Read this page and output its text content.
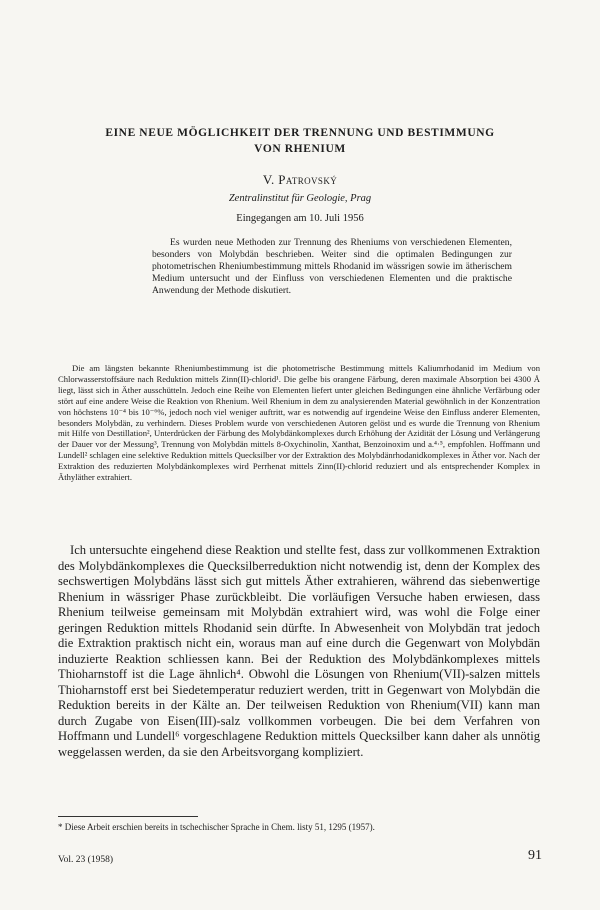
EINE NEUE MÖGLICHKEIT DER TRENNUNG UND BESTIMMUNG
VON RHENIUM
V. Patrovský
Zentralinstitut für Geologie, Prag
Eingegangen am 10. Juli 1956

Es wurden neue Methoden zur Trennung des Rheniums von verschiedenen Elementen, besonders von Molybdän beschrieben. Weiter sind die optimalen Bedingungen zur photometrischen Rheniumbestimmung mittels Rhodanid im wässrigen sowie im ätherischem Medium untersucht und der Einfluss von verschiedenen Elementen und die praktische Anwendung der Methode diskutiert.

Die am längsten bekannte Rheniumbestimmung ist die photometrische Bestimmung mittels Kaliumrhodanid im Medium von Chlorwasserstoffsäure nach Reduktion mittels Zinn(II)-chlorid¹. Die gelbe bis orangene Färbung, deren maximale Absorption bei 4300 Å liegt, lässt sich in Äther ausschütteln. Jedoch eine Reihe von Elementen liefert unter gleichen Bedingungen eine ähnliche Verfärbung oder stört auf eine andere Weise die Reaktion von Rhenium. Weil Rhenium in dem zu analysierenden Material gewöhnlich in der Konzentration von höchstens 10⁻⁴ bis 10⁻⁶%, jedoch noch viel weniger auftritt, war es notwendig auf irgendeine Weise den Einfluss anderer Elementen, besonders Molybdän, zu verhindern. Dieses Problem wurde von verschiedenen Autoren gelöst und es wurde die Trennung von Rhenium mit Hilfe von Destillation², Unterdrücken der Färbung des Molybdänkomplexes durch Erhöhung der Azidität der Lösung und Verlängerung der Dauer vor der Messung³, Trennung von Molybdän mittels 8-Oxychinolin, Xanthat, Benzoinoxim und a.⁴·⁵, empfohlen. Hoffmann und Lundell² schlagen eine selektive Reduktion mittels Quecksilber vor der Extraktion des Molybdänrhodanidkomplexes in Äther vor. Nach der Extraktion des reduzierten Molybdänkomplexes wird Perrhenat mittels Zinn(II)-chlorid reduziert und als entsprechender Komplex in Äthyläther extrahiert.

Ich untersuchte eingehend diese Reaktion und stellte fest, dass zur vollkommenen Extraktion des Molybdänkomplexes die Quecksilberreduktion nicht notwendig ist, denn der Komplex des sechswertigen Molybdäns lässt sich gut mittels Äther extrahieren, während das siebenwertige Rhenium in wässriger Phase zurückbleibt. Die vorläufigen Versuche haben erwiesen, dass Rhenium teilweise gemeinsam mit Molybdän extrahiert wird, was wohl die Folge einer geringen Reduktion mittels Rhodanid sein dürfte. In Abwesenheit von Molybdän trat jedoch die Extraktion praktisch nicht ein, woraus man auf eine durch die Gegenwart von Molybdän induzierte Reaktion schliessen kann. Bei der Reduktion des Molybdänkomplexes mittels Thioharnstoff ist die Lage ähnlich⁴. Obwohl die Lösungen von Rhenium(VII)-salzen mittels Thioharnstoff erst bei Siedetemperatur reduziert werden, tritt in Gegenwart von Molybdän die Reduktion bereits in der Kälte an. Der teilweisen Reduktion von Rhenium(VII) kann man durch Zugabe von Eisen(III)-salz vollkommen vorbeugen. Die bei dem Verfahren von Hoffmann und Lundell⁶ vorgeschlagene Reduktion mittels Quecksilber kann daher als unnötig weggelassen werden, da sie den Arbeitsvorgang kompliziert.

* Diese Arbeit erschien bereits in tschechischer Sprache in Chem. listy 51, 1295 (1957).
Vol. 23 (1958)	91
